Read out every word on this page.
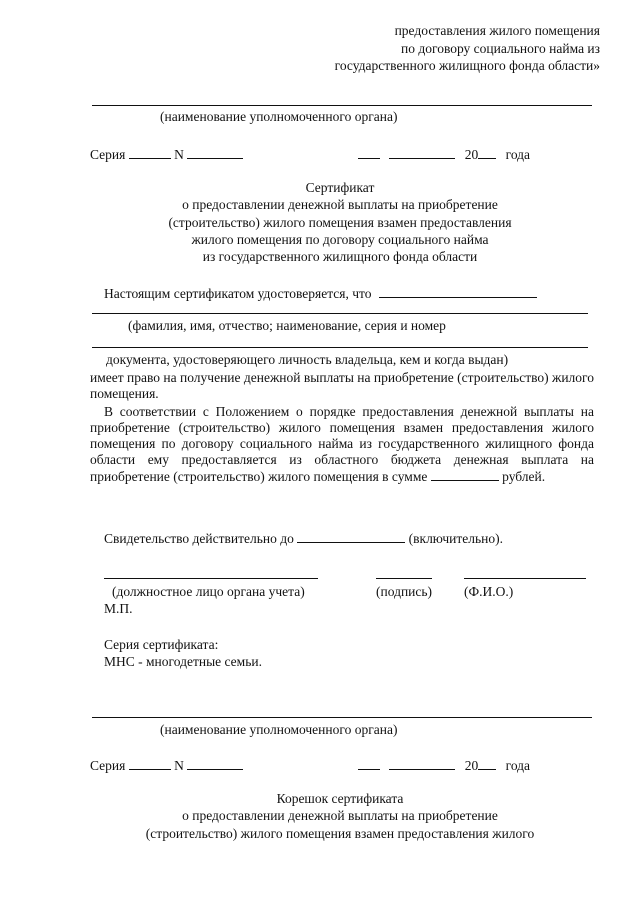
предоставления жилого помещения
по договору социального найма из
государственного жилищного фонда области»
(наименование уполномоченного органа)
Серия	N	20 года
Сертификат
о предоставлении денежной выплаты на приобретение
(строительство) жилого помещения взамен предоставления
жилого помещения по договору социального найма
из государственного жилищного фонда области
Настоящим сертификатом удостоверяется, что
(фамилия, имя, отчество; наименование, серия и номер
документа, удостоверяющего личность владельца, кем и когда выдан)
имеет право на получение денежной выплаты на приобретение (строительство) жилого помещения.
В соответствии с Положением о порядке предоставления денежной выплаты на приобретение (строительство) жилого помещения взамен предоставления жилого помещения по договору социального найма из государственного жилищного фонда области ему предоставляется из областного бюджета денежная выплата на приобретение (строительство) жилого помещения в сумме	рублей.
Свидетельство действительно до	(включительно).
(должностное лицо органа учета)	(подпись) (Ф.И.О.)
М.П.
Серия сертификата:
МНС - многодетные семьи.
(наименование уполномоченного органа)
Серия	N	20 года
Корешок сертификата
о предоставлении денежной выплаты на приобретение
(строительство) жилого помещения взамен предоставления жилого
